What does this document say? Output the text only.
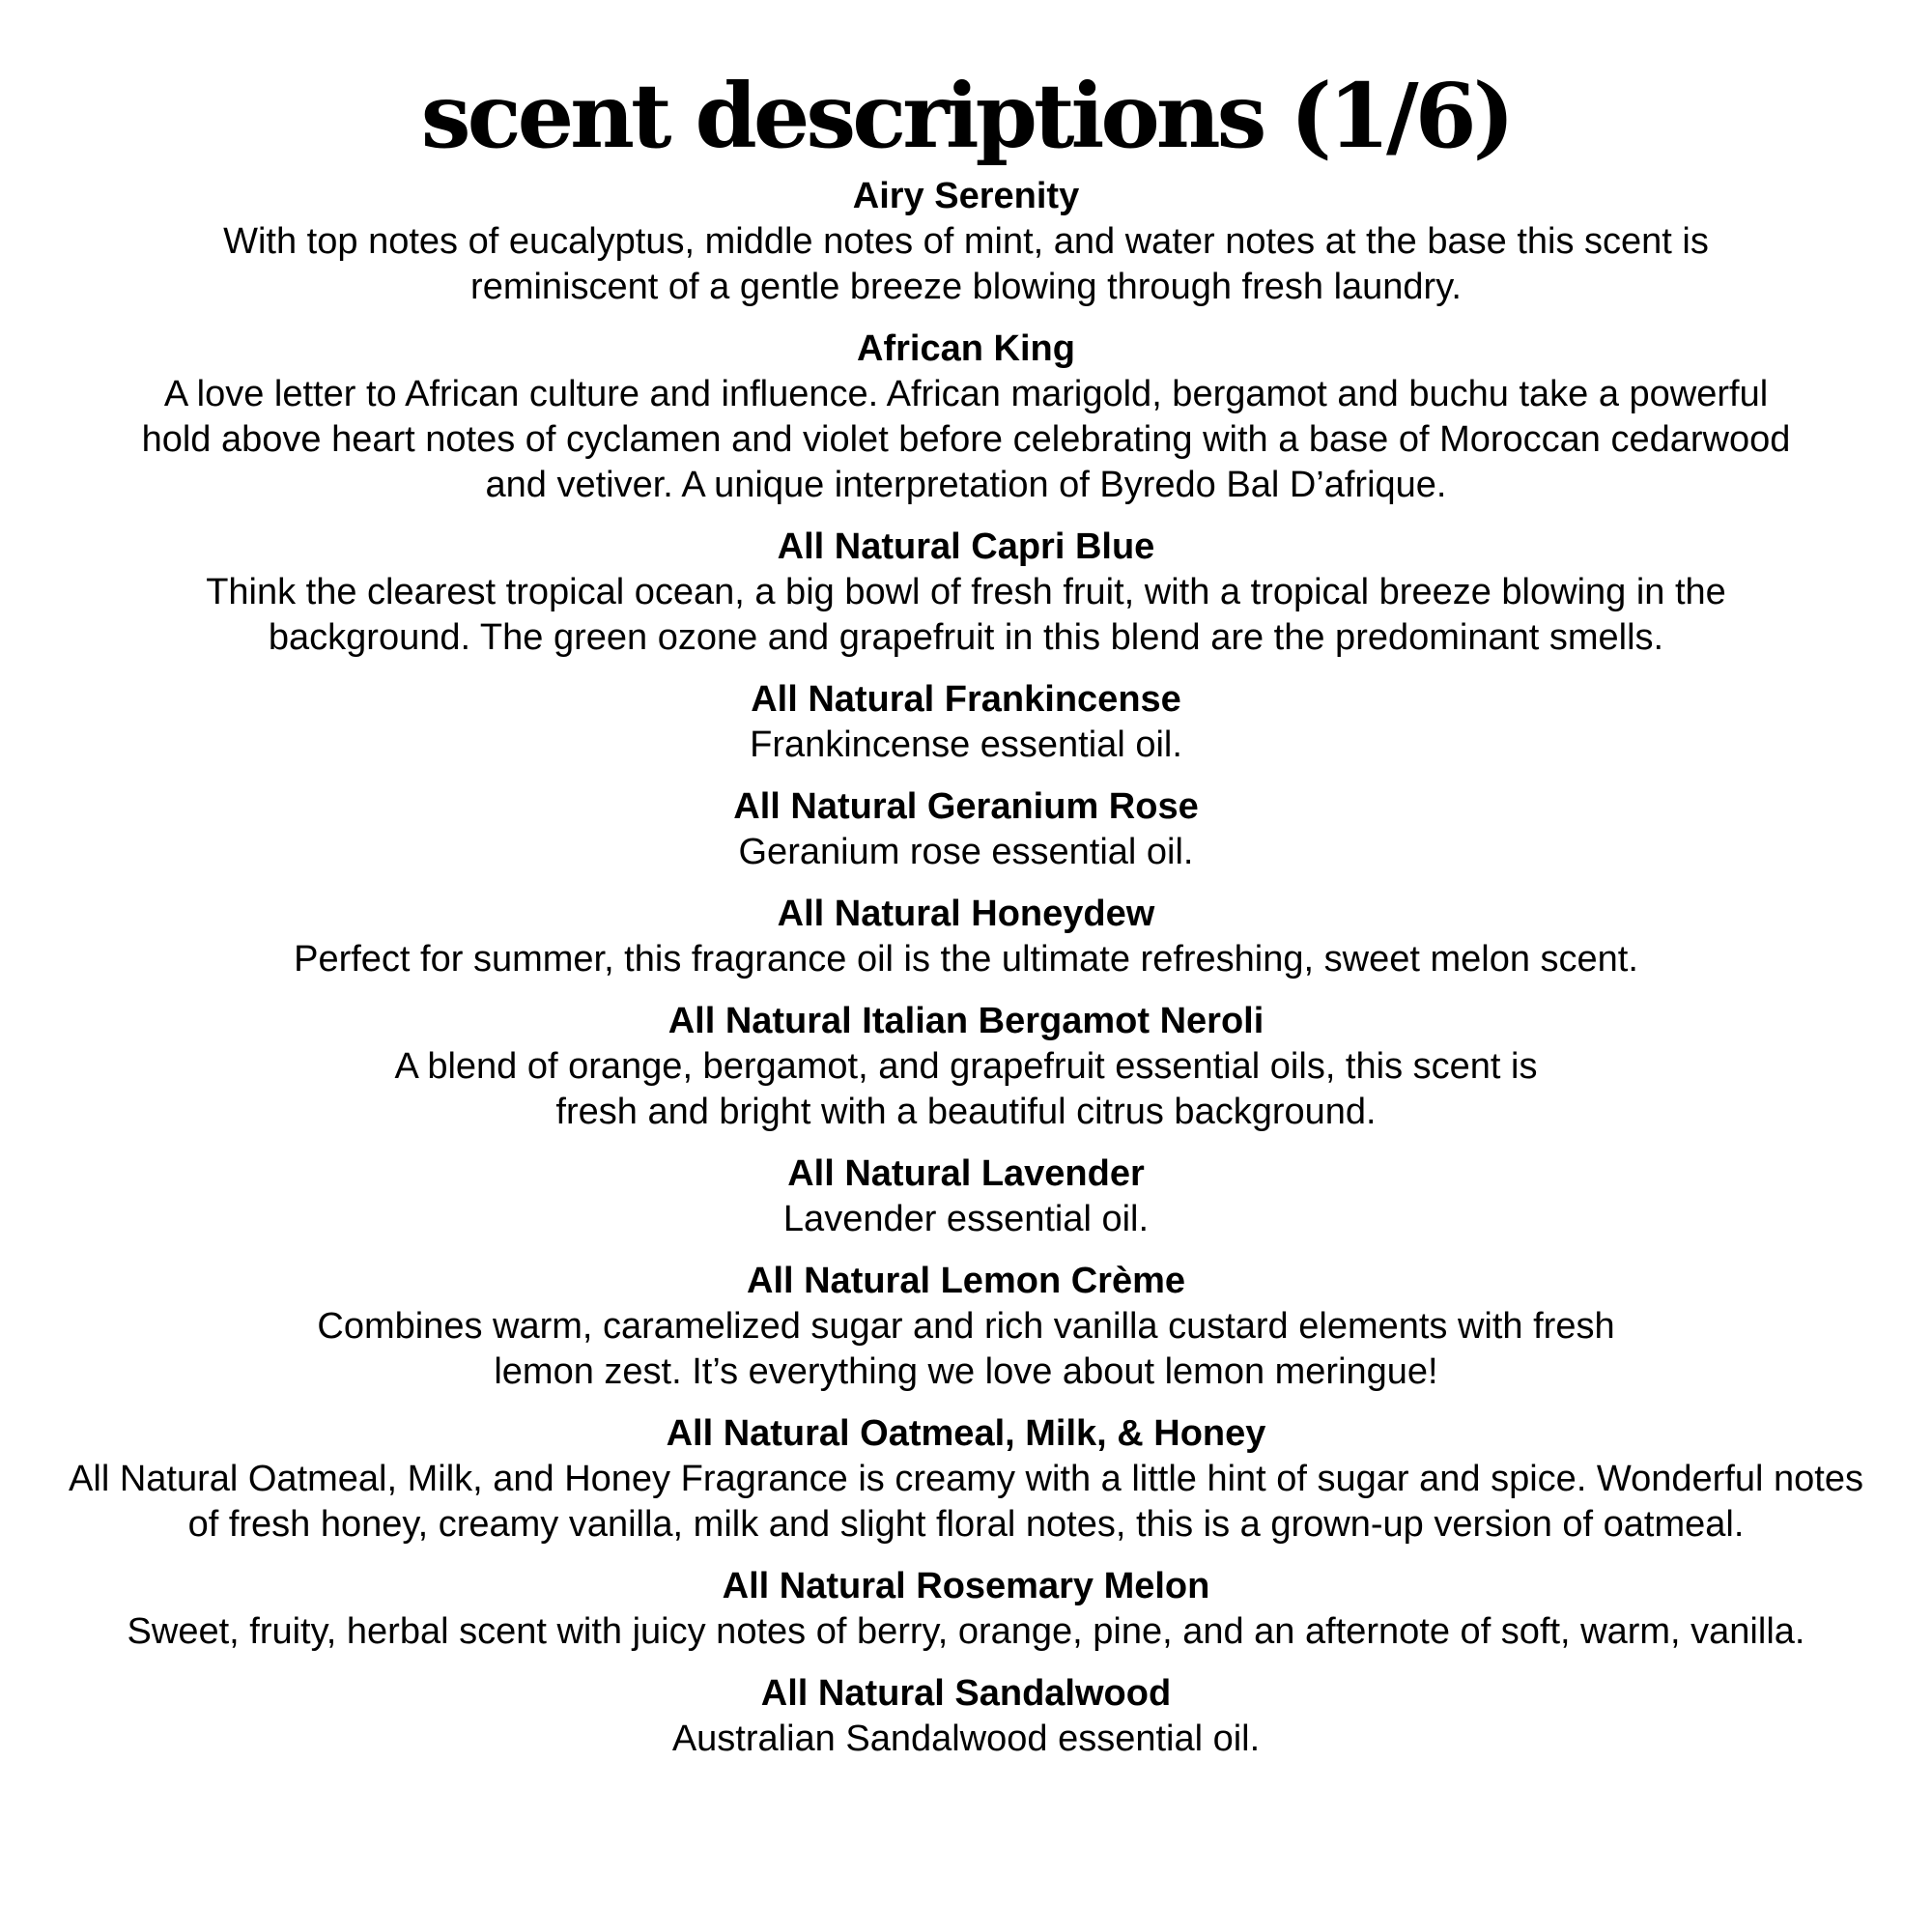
scent descriptions (1/6)

Airy Serenity

With top notes of eucalyptus, middle notes of mint, and water notes at the base this scent is
reminiscent of a gentle breeze blowing through fresh laundry.

African King

A love letter to African culture and influence. African marigold, bergamot and buchu take a powerful
hold above heart notes of cyclamen and violet before celebrating with a base of Moroccan cedarwood
and vetiver. A unique interpretation of Byredo Bal D’afrique.

All Natural Capri Blue

Think the clearest tropical ocean, a big bowl of fresh fruit, with a tropical breeze blowing in the
background. The green ozone and grapefruit in this blend are the predominant smells.

All Natural Frankincense

Frankincense essential oil.

All Natural Geranium Rose

Geranium rose essential oil.

All Natural Honeydew

Perfect for summer, this fragrance oil is the ultimate refreshing, sweet melon scent.

All Natural Italian Bergamot Neroli

A blend of orange, bergamot, and grapefruit essential oils, this scent is
fresh and bright with a beautiful citrus background.

All Natural Lavender

Lavender essential oil.

All Natural Lemon Crème

Combines warm, caramelized sugar and rich vanilla custard elements with fresh
lemon zest. It’s everything we love about lemon meringue!

All Natural Oatmeal, Milk, & Honey

All Natural Oatmeal, Milk, and Honey Fragrance is creamy with a little hint of sugar and spice. Wonderful notes
of fresh honey, creamy vanilla, milk and slight floral notes, this is a grown-up version of oatmeal.

All Natural Rosemary Melon

Sweet, fruity, herbal scent with juicy notes of berry, orange, pine, and an afternote of soft, warm, vanilla.

All Natural Sandalwood

Australian Sandalwood essential oil.
